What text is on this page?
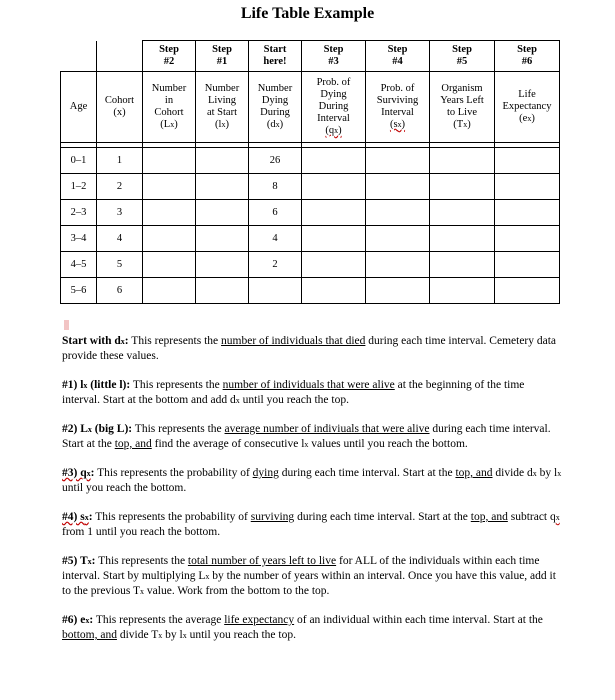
Life Table Example
		Step
#2	Step
#1	Start
here!	Step
#3	Step
#4	Step
#5	Step
#6
Age	Cohort
(x)	Number
in
Cohort
(Lx)	Number
Living
at Start
(lx)	Number
Dying
During
(dx)	Prob. of
Dying
During
Interval
(qx)	Prob. of
Surviving
Interval
(sx)	Organism
Years Left
to Live
(Tx)	Life
Expectancy
(ex)

0–1	1			26				
1–2	2			8				
2–3	3			6				
3–4	4			4				
4–5	5			2				
5–6	6							

Start with dx: This represents the number of individuals that died during each time interval. Cemetery data provide these values.

#1) lx (little l): This represents the number of individuals that were alive at the beginning of the time interval. Start at the bottom and add dx until you reach the top.

#2) Lx (big L): This represents the average number of indiviuals that were alive during each time interval. Start at the top, and find the average of consecutive lx values until you reach the bottom.

#3) qx: This represents the probability of dying during each time interval. Start at the top, and divide dx by lx until you reach the bottom.

#4) sx: This represents the probability of surviving during each time interval. Start at the top, and subtract qx from 1 until you reach the bottom.

#5) Tx: This represents the total number of years left to live for ALL of the individuals within each time interval. Start by multiplying Lx by the number of years within an interval. Once you have this value, add it to the previous Tx value. Work from the bottom to the top.

#6) ex: This represents the average life expectancy of an individual within each time interval. Start at the bottom, and divide Tx by lx until you reach the top.
